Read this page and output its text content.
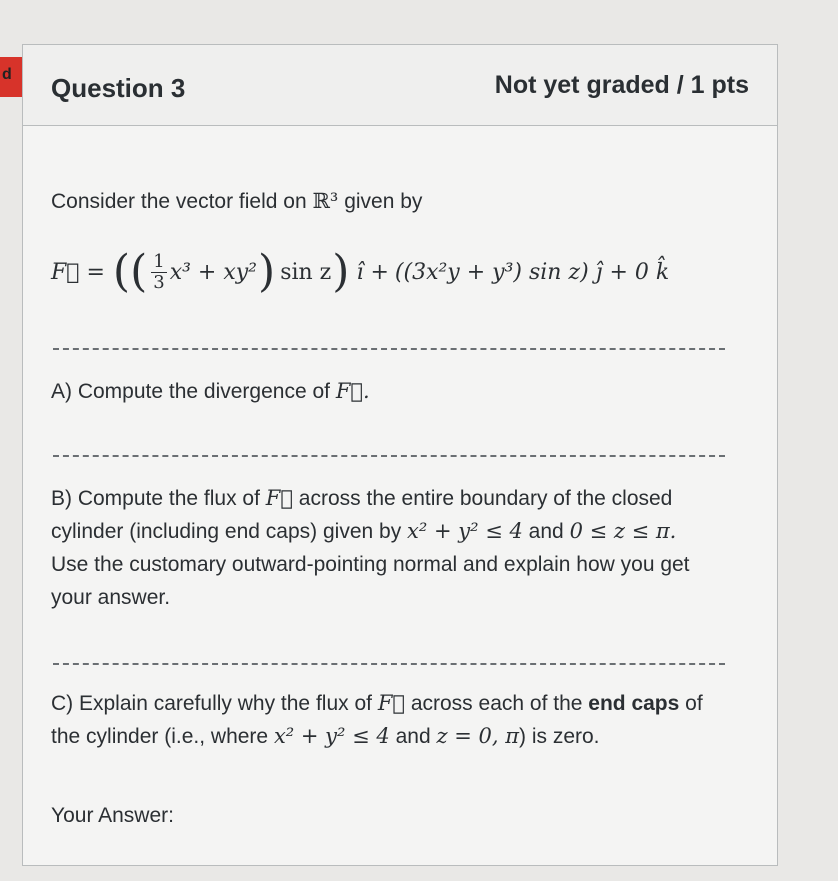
d Question 3	Not yet graded / 1 pts
Consider the vector field on ℝ³ given by
F⃗ = (( $\frac{1}{3} x^3 + xy^2$ ) sin z ) î + ((3x²y + y³) sin z) ĵ + 0 k̂
A) Compute the divergence of F⃗.
B) Compute the flux of F⃗ across the entire boundary of the closed
cylinder (including end caps) given by x² + y² ≤ 4 and 0 ≤ z ≤ π.
Use the customary outward-pointing normal and explain how you get
your answer.
C) Explain carefully why the flux of F⃗ across each of the end caps of
the cylinder (i.e., where x² + y² ≤ 4 and z = 0, π) is zero.
Your Answer:
